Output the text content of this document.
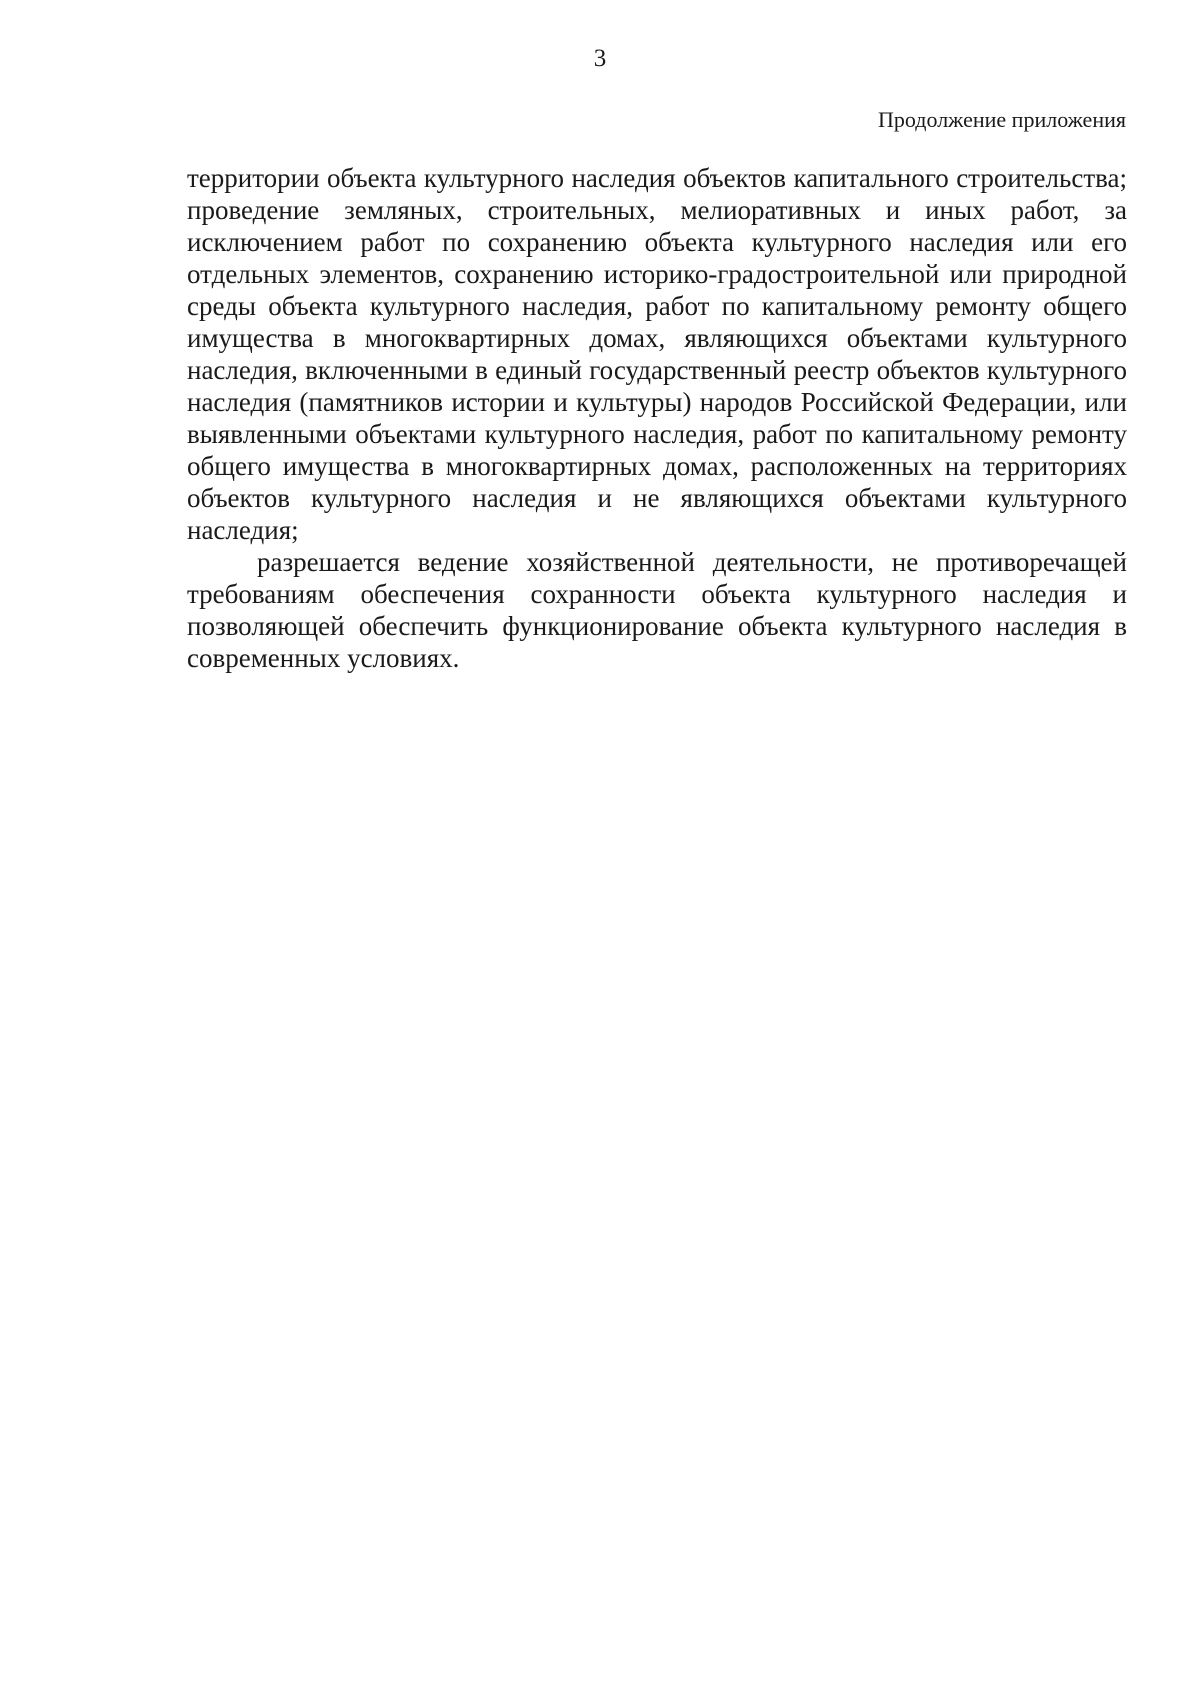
3
Продолжение приложения

территории объекта культурного наследия объектов капитального строительства; проведение земляных, строительных, мелиоративных и иных работ, за исключением работ по сохранению объекта культурного наследия или его отдельных элементов, сохранению историко-градостроительной или природной среды объекта культурного наследия, работ по капитальному ремонту общего имущества в многоквартирных домах, являющихся объектами культурного наследия, включенными в единый государственный реестр объектов культурного наследия (памятников истории и культуры) народов Российской Федерации, или выявленными объектами культурного наследия, работ по капитальному ремонту общего имущества в многоквартирных домах, расположенных на территориях объектов культурного наследия и не являющихся объектами культурного наследия;

разрешается ведение хозяйственной деятельности, не противоречащей требованиям обеспечения сохранности объекта культурного наследия и позволяющей обеспечить функционирование объекта культурного наследия в современных условиях.
